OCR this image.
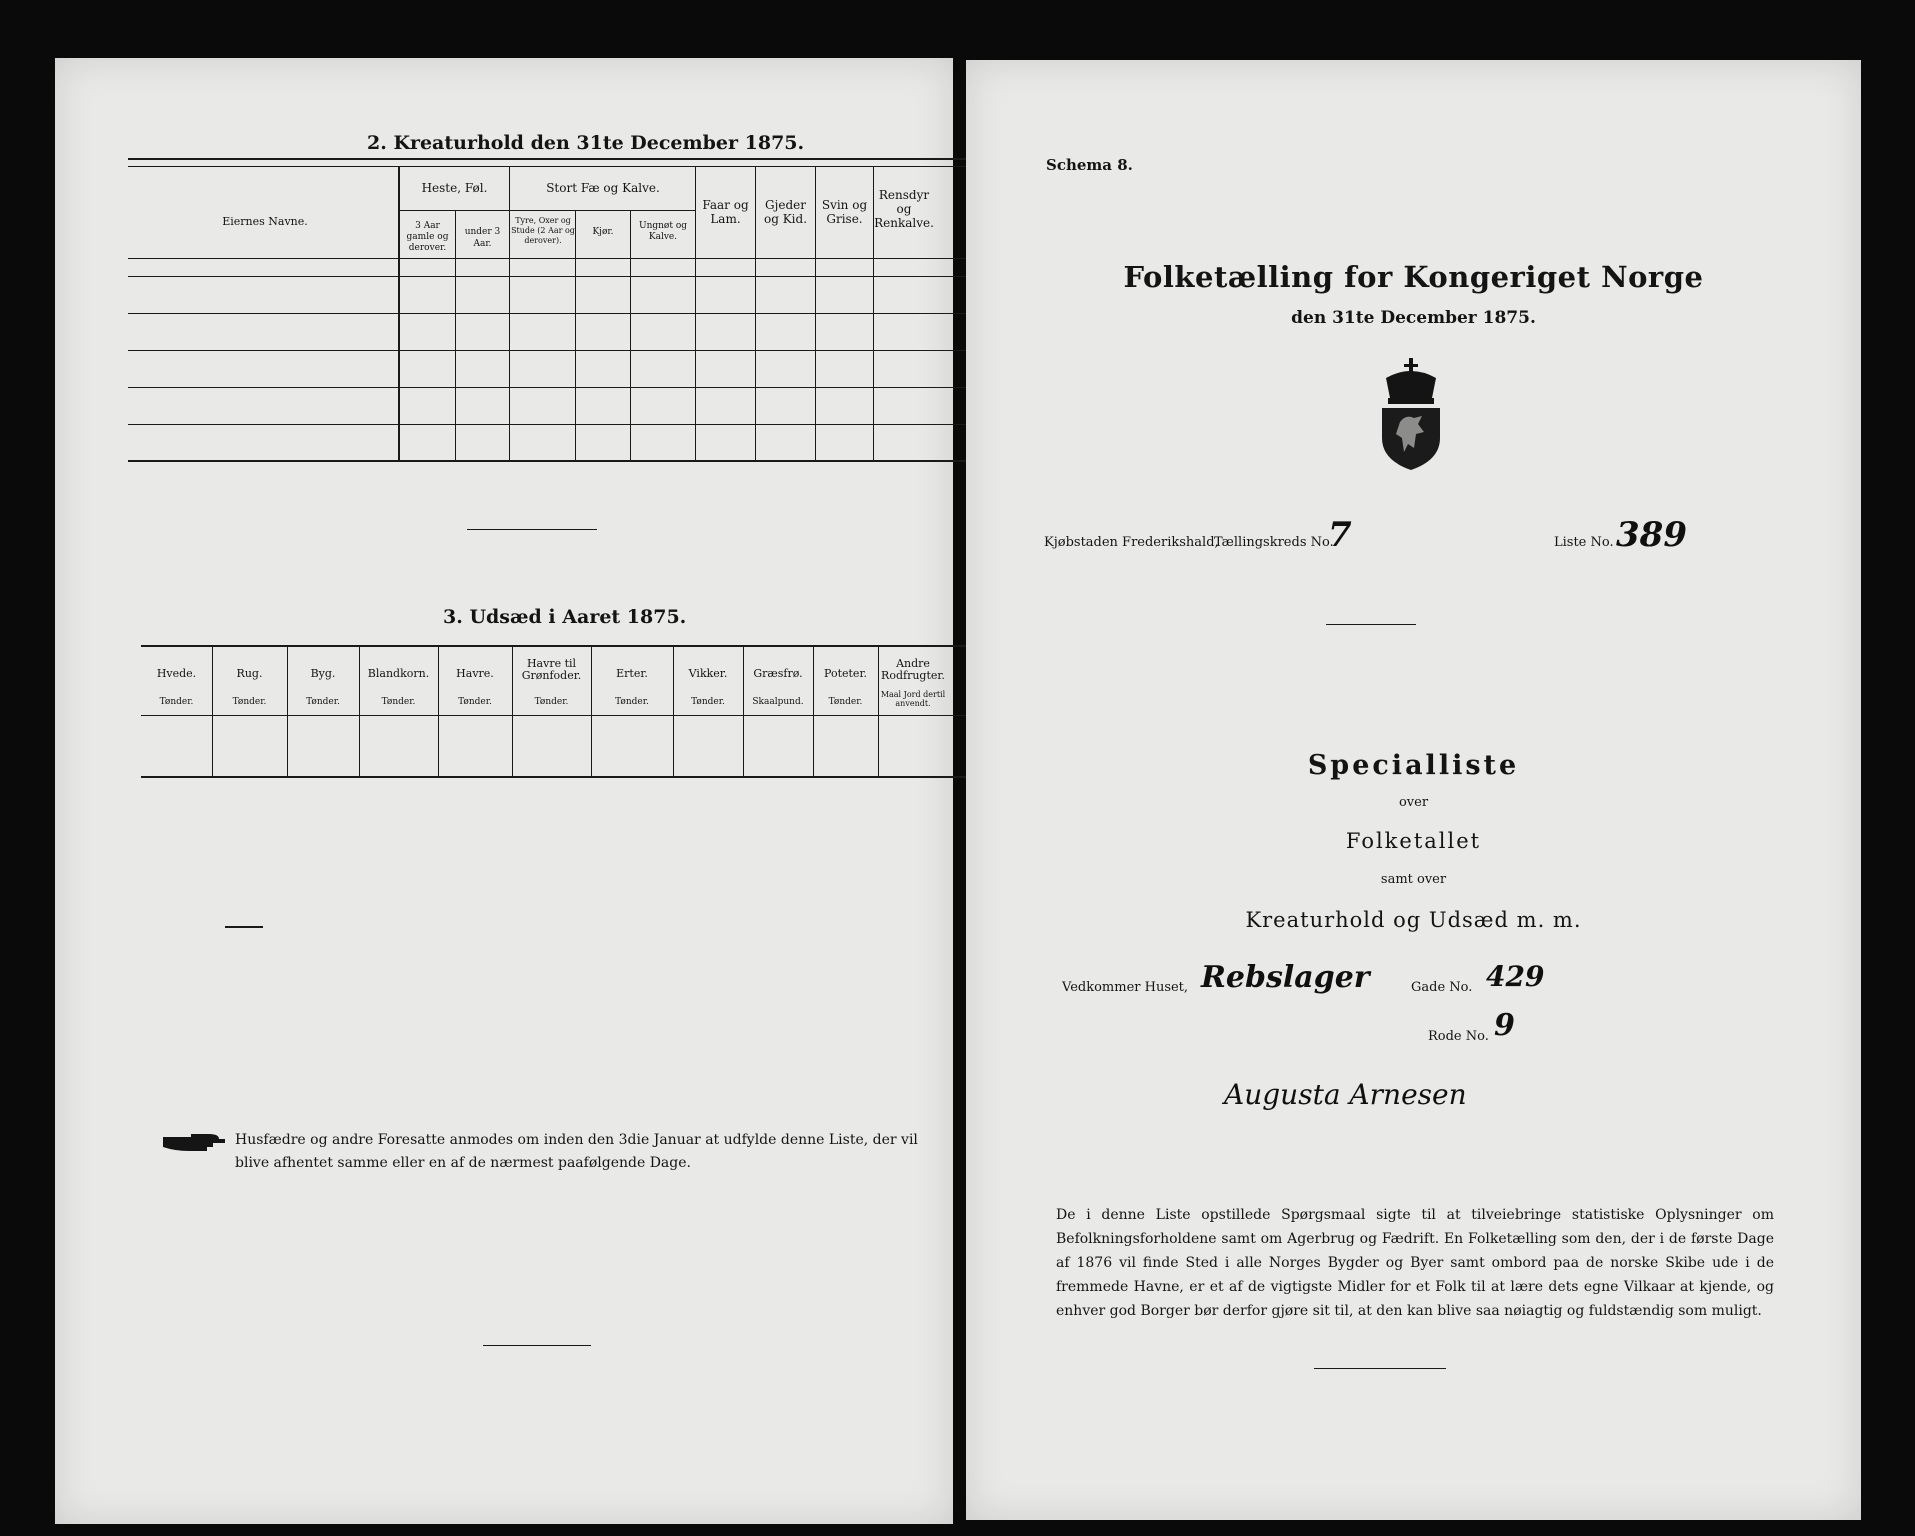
2. Kreaturhold den 31te December 1875.
Eiernes Navne.
Heste, Føl.
3 Aar gamle og derover.
under 3 Aar.
Stort Fæ og Kalve.
Tyre, Oxer og Stude (2 Aar og derover).
Kjør.
Ungnøt og Kalve.
Faar og Lam.
Gjeder og Kid.
Svin og Grise.
Rensdyr og Renkalve.
3. Udsæd i Aaret 1875.
Hvede.
Tønder.
Rug.
Tønder.
Byg.
Tønder.
Blandkorn.
Tønder.
Havre.
Tønder.
Havre til Grønfoder.
Tønder.
Erter.
Tønder.
Vikker.
Tønder.
Græsfrø.
Skaalpund.
Poteter.
Tønder.
Andre Rodfrugter.
Maal Jord dertil anvendt.
Husfædre og andre Foresatte anmodes om inden den 3die Januar at udfylde denne Liste, der vil blive afhentet samme eller en af de nærmest paafølgende Dage.
Schema 8.
Folketælling for Kongeriget Norge
den 31te December 1875.
Kjøbstaden Frederikshald,
Tællingskreds No.
7	Liste No. 389
Specialliste
over
Folketallet
samt over
Kreaturhold og Udsæd m. m.
Vedkommer Huset, Rebslager	Gade No. 429
Rode No. 9
Augusta Arnesen
De i denne Liste opstillede Spørgsmaal sigte til at tilveiebringe statistiske Oplysninger om Befolkningsforholdene samt om Agerbrug og Fædrift. En Folketælling som den, der i de første Dage af 1876 vil finde Sted i alle Norges Bygder og Byer samt ombord paa de norske Skibe ude i de fremmede Havne, er et af de vigtigste Midler for et Folk til at lære dets egne Vilkaar at kjende, og enhver god Borger bør derfor gjøre sit til, at den kan blive saa nøiagtig og fuldstændig som muligt.
